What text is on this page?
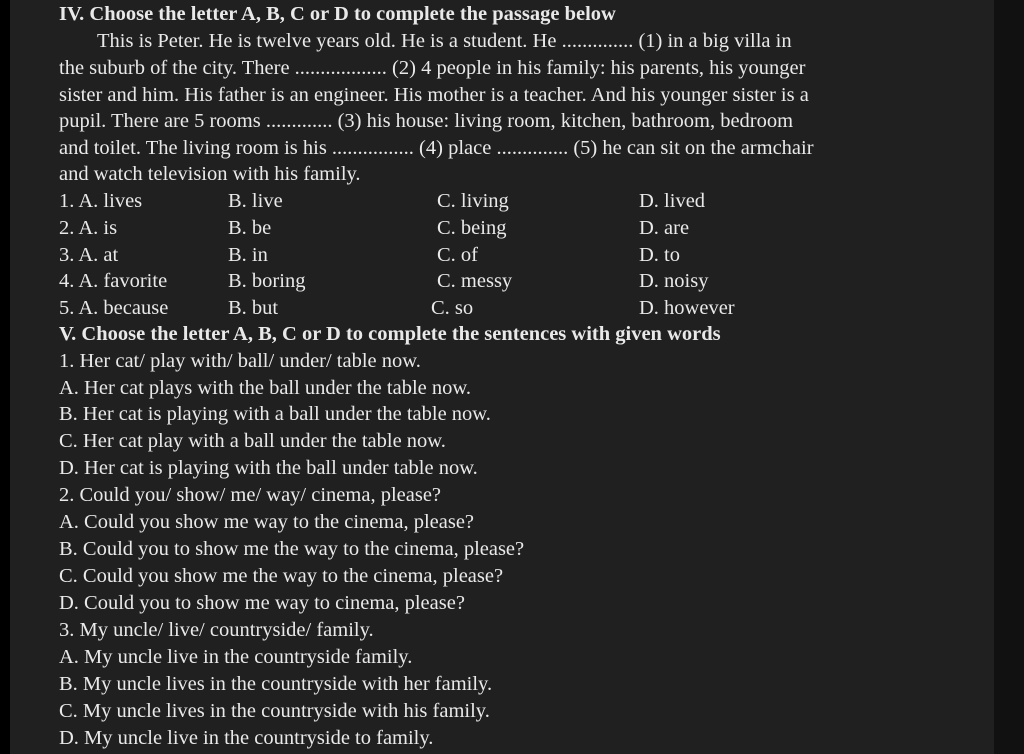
IV. Choose the letter A, B, C or D to complete the passage below
This is Peter. He is twelve years old. He is a student. He .............. (1) in a big villa in
the suburb of the city. There .................. (2) 4 people in his family: his parents, his younger
sister and him. His father is an engineer. His mother is a teacher. And his younger sister is a
pupil. There are 5 rooms ............. (3) his house: living room, kitchen, bathroom, bedroom
and toilet. The living room is his ................ (4) place .............. (5) he can sit on the armchair
and watch television with his family.
1. A. lives	B. live	C. living	D. lived
2. A. is	B. be	C. being	D. are
3. A. at	B. in	C. of	D. to
4. A. favorite	B. boring	C. messy	D. noisy
5. A. because	B. but	C. so	D. however
V. Choose the letter A, B, C or D to complete the sentences with given words
1. Her cat/ play with/ ball/ under/ table now.
A. Her cat plays with the ball under the table now.
B. Her cat is playing with a ball under the table now.
C. Her cat play with a ball under the table now.
D. Her cat is playing with the ball under table now.
2. Could you/ show/ me/ way/ cinema, please?
A. Could you show me way to the cinema, please?
B. Could you to show me the way to the cinema, please?
C. Could you show me the way to the cinema, please?
D. Could you to show me way to cinema, please?
3. My uncle/ live/ countryside/ family.
A. My uncle live in the countryside family.
B. My uncle lives in the countryside with her family.
C. My uncle lives in the countryside with his family.
D. My uncle live in the countryside to family.
